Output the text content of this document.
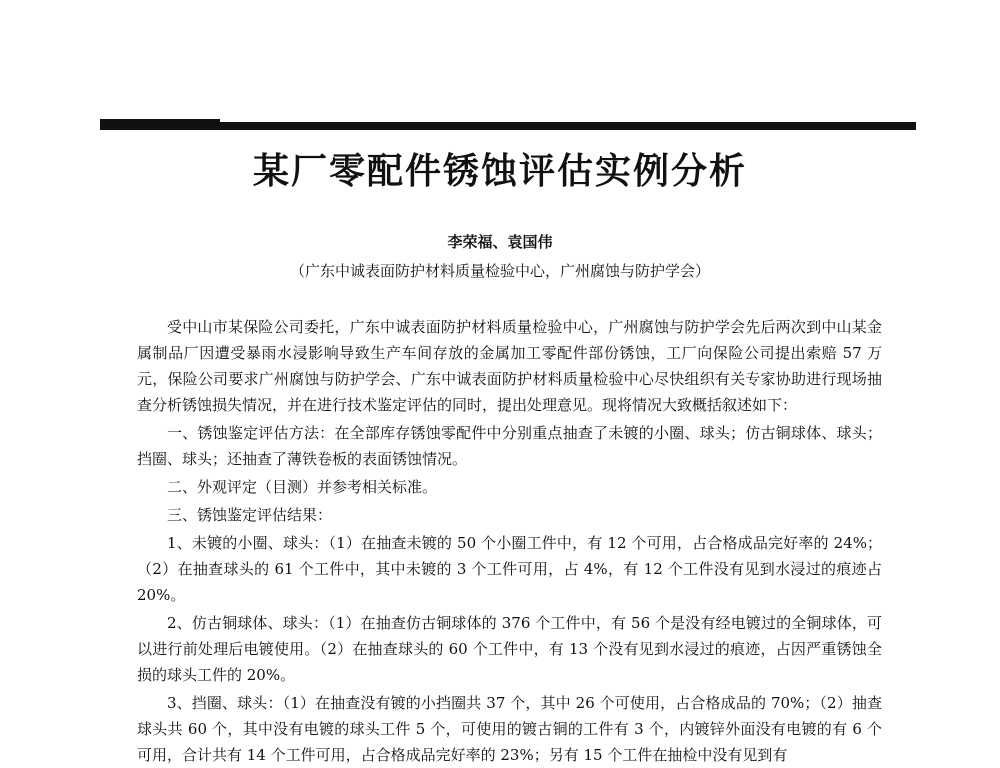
某厂零配件锈蚀评估实例分析
李荣福、袁国伟
（广东中诚表面防护材料质量检验中心，广州腐蚀与防护学会）

受中山市某保险公司委托，广东中诚表面防护材料质量检验中心，广州腐蚀与防护学会先后两次到中山某金属制品厂因遭受暴雨水浸影响导致生产车间存放的金属加工零配件部份锈蚀，工厂向保险公司提出索赔 57 万元，保险公司要求广州腐蚀与防护学会、广东中诚表面防护材料质量检验中心尽快组织有关专家协助进行现场抽查分析锈蚀损失情况，并在进行技术鉴定评估的同时，提出处理意见。现将情况大致概括叙述如下：

一、锈蚀鉴定评估方法：在全部库存锈蚀零配件中分别重点抽查了未镀的小圈、球头；仿古铜球体、球头；挡圈、球头；还抽查了薄铁卷板的表面锈蚀情况。

二、外观评定（目测）并参考相关标准。

三、锈蚀鉴定评估结果：

1、未镀的小圈、球头：（1）在抽查未镀的 50 个小圈工件中，有 12 个可用，占合格成品完好率的 24%；（2）在抽查球头的 61 个工件中，其中未镀的 3 个工件可用，占 4%，有 12 个工件没有见到水浸过的痕迹占 20%。

2、仿古铜球体、球头：（1）在抽查仿古铜球体的 376 个工件中，有 56 个是没有经电镀过的全铜球体，可以进行前处理后电镀使用。（2）在抽查球头的 60 个工件中，有 13 个没有见到水浸过的痕迹，占因严重锈蚀全损的球头工件的 20%。

3、挡圈、球头：（1）在抽查没有镀的小挡圈共 37 个，其中 26 个可使用，占合格成品的 70%；（2）抽查球头共 60 个，其中没有电镀的球头工件 5 个，可使用的镀古铜的工件有 3 个，内镀锌外面没有电镀的有 6 个可用，合计共有 14 个工件可用，占合格成品完好率的 23%；另有 15 个工件在抽检中没有见到有
